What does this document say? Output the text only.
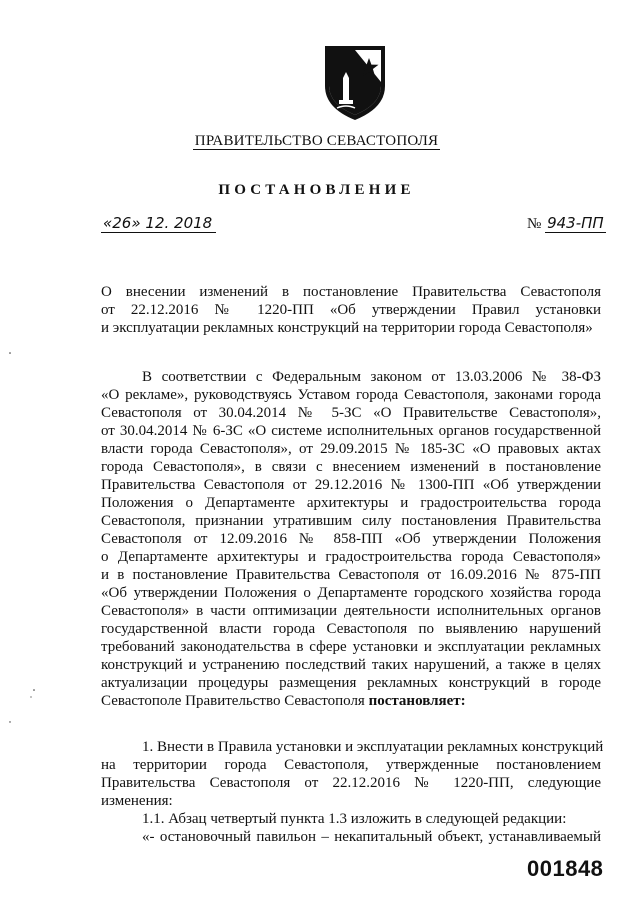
ПРАВИТЕЛЬСТВО СЕВАСТОПОЛЯ
ПОСТАНОВЛЕНИЕ
«26» 12. 2018	№ 943-ПП
О внесении изменений в постановление Правительства Севастополя
от 22.12.2016 № 1220-ПП «Об утверждении Правил установки
и эксплуатации рекламных конструкций на территории города Севастополя»
В соответствии с Федеральным законом от 13.03.2006 № 38-ФЗ
«О рекламе», руководствуясь Уставом города Севастополя, законами города
Севастополя от 30.04.2014 № 5-ЗС «О Правительстве Севастополя»,
от 30.04.2014 № 6-ЗС «О системе исполнительных органов государственной
власти города Севастополя», от 29.09.2015 № 185-ЗС «О правовых актах
города Севастополя», в связи с внесением изменений в постановление
Правительства Севастополя от 29.12.2016 № 1300-ПП «Об утверждении
Положения о Департаменте архитектуры и градостроительства города
Севастополя, признании утратившим силу постановления Правительства
Севастополя от 12.09.2016 № 858-ПП «Об утверждении Положения
о Департаменте архитектуры и градостроительства города Севастополя»
и в постановление Правительства Севастополя от 16.09.2016 № 875-ПП
«Об утверждении Положения о Департаменте городского хозяйства города
Севастополя» в части оптимизации деятельности исполнительных органов
государственной власти города Севастополя по выявлению нарушений
требований законодательства в сфере установки и эксплуатации рекламных
конструкций и устранению последствий таких нарушений, а также в целях
актуализации процедуры размещения рекламных конструкций в городе
Севастополе Правительство Севастополя постановляет:
1. Внести в Правила установки и эксплуатации рекламных конструкций
на территории города Севастополя, утвержденные постановлением
Правительства Севастополя от 22.12.2016 № 1220-ПП, следующие
изменения:
1.1. Абзац четвертый пункта 1.3 изложить в следующей редакции:
«- остановочный павильон – некапитальный объект, устанавливаемый
001848
